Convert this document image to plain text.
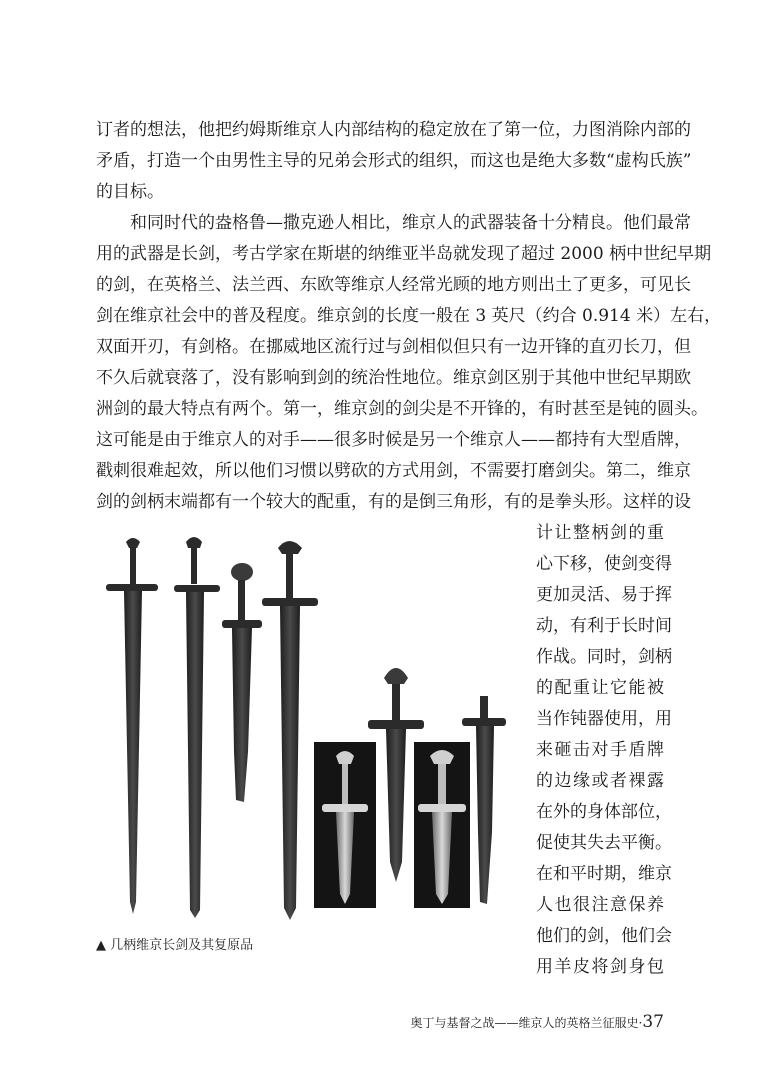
订者的想法，他把约姆斯维京人内部结构的稳定放在了第一位，力图消除内部的
矛盾，打造一个由男性主导的兄弟会形式的组织，而这也是绝大多数“虚构氏族”
的目标。
　　和同时代的盎格鲁—撒克逊人相比，维京人的武器装备十分精良。他们最常
用的武器是长剑，考古学家在斯堪的纳维亚半岛就发现了超过 2000 柄中世纪早期
的剑，在英格兰、法兰西、东欧等维京人经常光顾的地方则出土了更多，可见长
剑在维京社会中的普及程度。维京剑的长度一般在 3 英尺（约合 0.914 米）左右，
双面开刃，有剑格。在挪威地区流行过与剑相似但只有一边开锋的直刃长刀，但
不久后就衰落了，没有影响到剑的统治性地位。维京剑区别于其他中世纪早期欧
洲剑的最大特点有两个。第一，维京剑的剑尖是不开锋的，有时甚至是钝的圆头。
这可能是由于维京人的对手——很多时候是另一个维京人——都持有大型盾牌，
戳刺很难起效，所以他们习惯以劈砍的方式用剑，不需要打磨剑尖。第二，维京
剑的剑柄末端都有一个较大的配重，有的是倒三角形，有的是拳头形。这样的设
计让整柄剑的重
心下移，使剑变得
更加灵活、易于挥
动，有利于长时间
作战。同时，剑柄
的配重让它能被
当作钝器使用，用
来砸击对手盾牌
的边缘或者裸露
在外的身体部位，
促使其失去平衡。
在和平时期，维京
人也很注意保养
他们的剑，他们会
用羊皮将剑身包
▲ 几柄维京长剑及其复原品
奥丁与基督之战——维京人的英格兰征服史·37
